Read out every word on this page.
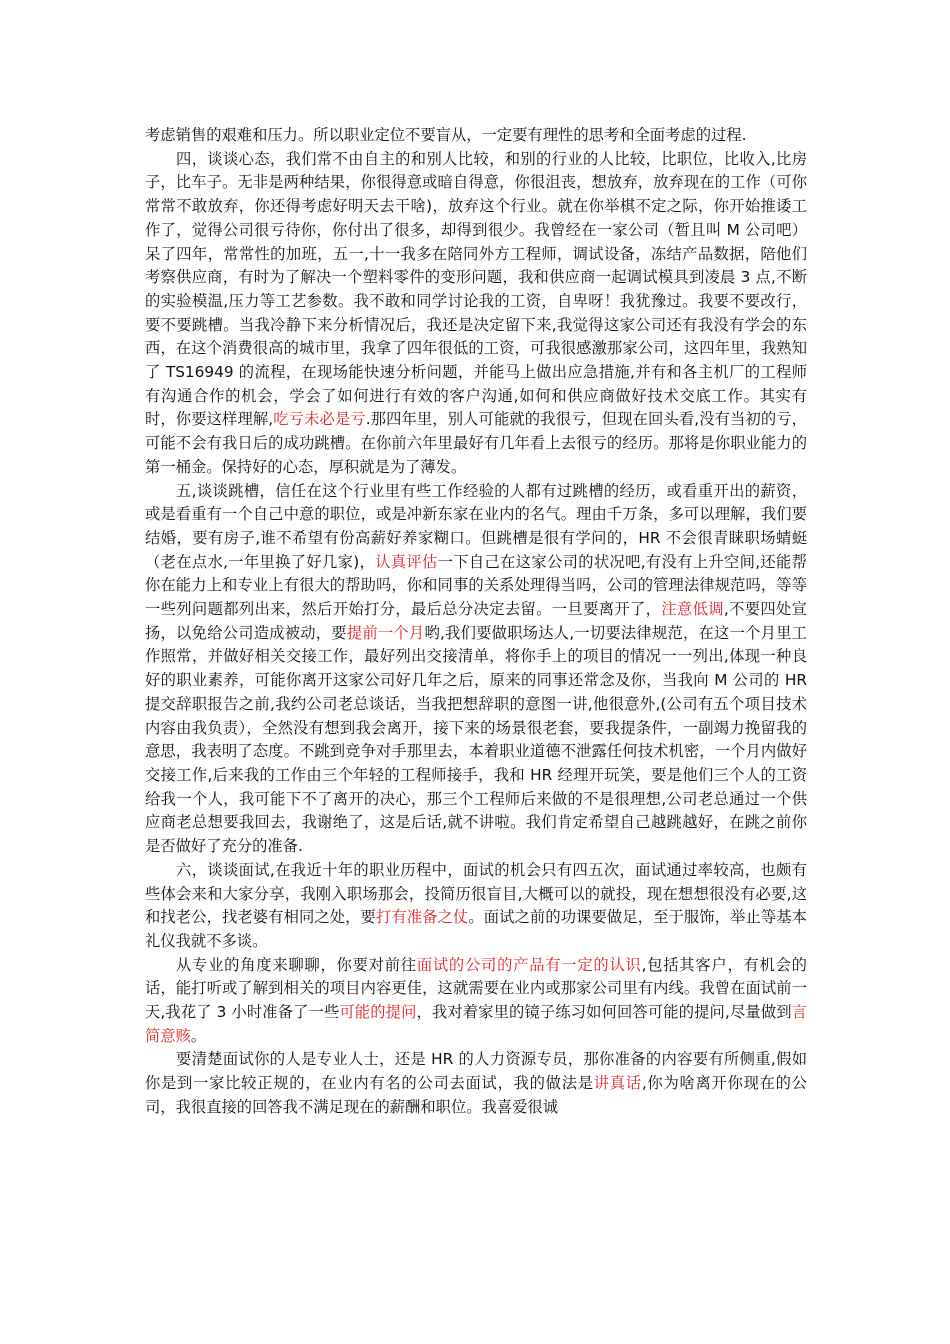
考虑销售的艰难和压力。所以职业定位不要盲从，一定要有理性的思考和全面考虑的过程.

四，谈谈心态，我们常不由自主的和别人比较，和别的行业的人比较，比职位，比收入,比房子，比车子。无非是两种结果，你很得意或暗自得意，你很沮丧，想放弃，放弃现在的工作（可你常常不敢放弃，你还得考虑好明天去干啥)，放弃这个行业。就在你举棋不定之际，你开始推诿工作了，觉得公司很亏待你，你付出了很多，却得到很少。我曾经在一家公司（暂且叫 M 公司吧）呆了四年，常常性的加班，五一,十一我多在陪同外方工程师，调试设备，冻结产品数据，陪他们考察供应商，有时为了解决一个塑料零件的变形问题，我和供应商一起调试模具到凌晨 3 点,不断的实验模温,压力等工艺参数。我不敢和同学讨论我的工资，自卑呀！我犹豫过。我要不要改行，要不要跳槽。当我冷静下来分析情况后，我还是决定留下来,我觉得这家公司还有我没有学会的东西，在这个消费很高的城市里，我拿了四年很低的工资，可我很感激那家公司，这四年里，我熟知了 TS16949 的流程，在现场能快速分析问题，并能马上做出应急措施,并有和各主机厂的工程师有沟通合作的机会，学会了如何进行有效的客户沟通,如何和供应商做好技术交底工作。其实有时，你要这样理解,吃亏未必是亏.那四年里，别人可能就的我很亏，但现在回头看,没有当初的亏，可能不会有我日后的成功跳槽。在你前六年里最好有几年看上去很亏的经历。那将是你职业能力的第一桶金。保持好的心态，厚积就是为了薄发。

五,谈谈跳槽，信任在这个行业里有些工作经验的人都有过跳槽的经历，或看重开出的薪资，或是看重有一个自己中意的职位，或是冲新东家在业内的名气。理由千万条，多可以理解，我们要结婚，要有房子,谁不希望有份高薪好养家糊口。但跳槽是很有学问的，HR 不会很青睐职场蜻蜓（老在点水,一年里换了好几家)，认真评估一下自己在这家公司的状况吧,有没有上升空间,还能帮你在能力上和专业上有很大的帮助吗，你和同事的关系处理得当吗，公司的管理法律规范吗，等等一些列问题都列出来，然后开始打分，最后总分决定去留。一旦要离开了，注意低调,不要四处宣扬，以免给公司造成被动，要提前一个月哟,我们要做职场达人,一切要法律规范，在这一个月里工作照常，并做好相关交接工作，最好列出交接清单，将你手上的项目的情况一一列出,体现一种良好的职业素养，可能你离开这家公司好几年之后，原来的同事还常念及你，当我向 M 公司的 HR 提交辞职报告之前,我约公司老总谈话，当我把想辞职的意图一讲,他很意外,(公司有五个项目技术内容由我负责），全然没有想到我会离开，接下来的场景很老套，要我提条件，一副竭力挽留我的意思，我表明了态度。不跳到竞争对手那里去，本着职业道德不泄露任何技术机密，一个月内做好交接工作,后来我的工作由三个年轻的工程师接手，我和 HR 经理开玩笑，要是他们三个人的工资给我一个人，我可能下不了离开的决心，那三个工程师后来做的不是很理想,公司老总通过一个供应商老总想要我回去，我谢绝了，这是后话,就不讲啦。我们肯定希望自己越跳越好，在跳之前你是否做好了充分的准备.

六，谈谈面试,在我近十年的职业历程中，面试的机会只有四五次，面试通过率较高，也颇有些体会来和大家分享，我刚入职场那会，投简历很盲目,大概可以的就投，现在想想很没有必要,这和找老公，找老婆有相同之处，要打有准备之仗。面试之前的功课要做足，至于服饰，举止等基本礼仪我就不多谈。

从专业的角度来聊聊，你要对前往面试的公司的产品有一定的认识,包括其客户，有机会的话，能打听或了解到相关的项目内容更佳，这就需要在业内或那家公司里有内线。我曾在面试前一天,我花了 3 小时准备了一些可能的提问，我对着家里的镜子练习如何回答可能的提问,尽量做到言简意赅。

要清楚面试你的人是专业人士，还是 HR 的人力资源专员，那你准备的内容要有所侧重,假如你是到一家比较正规的，在业内有名的公司去面试，我的做法是讲真话,你为啥离开你现在的公司，我很直接的回答我不满足现在的薪酬和职位。我喜爱很诚
